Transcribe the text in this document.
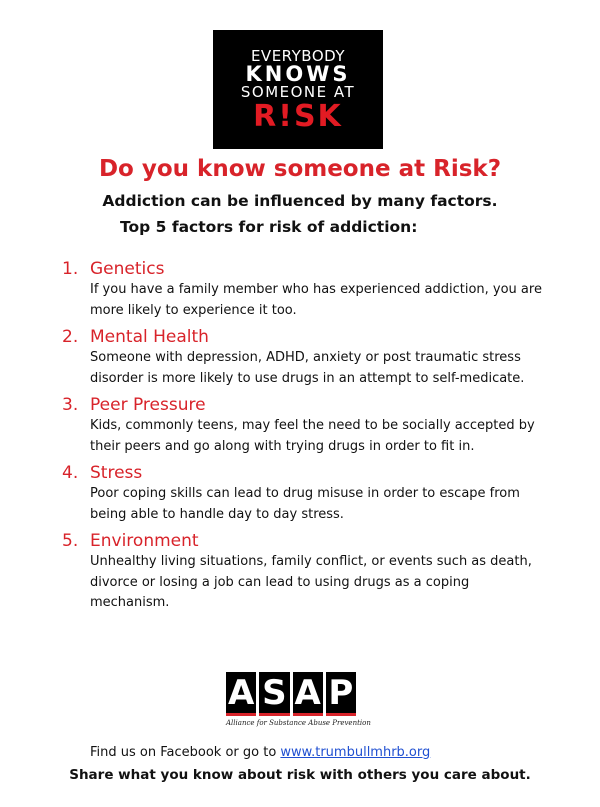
EVERYBODY
KNOWS
SOMEONE AT
R!SK
Do you know someone at Risk?
Addiction can be influenced by many factors.
Top 5 factors for risk of addiction:
1. Genetics
If you have a family member who has experienced addiction, you are more likely to experience it too.
2. Mental Health
Someone with depression, ADHD, anxiety or post traumatic stress disorder is more likely to use drugs in an attempt to self-medicate.
3. Peer Pressure
Kids, commonly teens, may feel the need to be socially accepted by their peers and go along with trying drugs in order to fit in.
4. Stress
Poor coping skills can lead to drug misuse in order to escape from being able to handle day to day stress.
5. Environment
Unhealthy living situations, family conflict, or events such as death, divorce or losing a job can lead to using drugs as a coping mechanism.
A S A P
Alliance for Substance Abuse Prevention
Find us on Facebook or go to www.trumbullmhrb.org
Share what you know about risk with others you care about.
